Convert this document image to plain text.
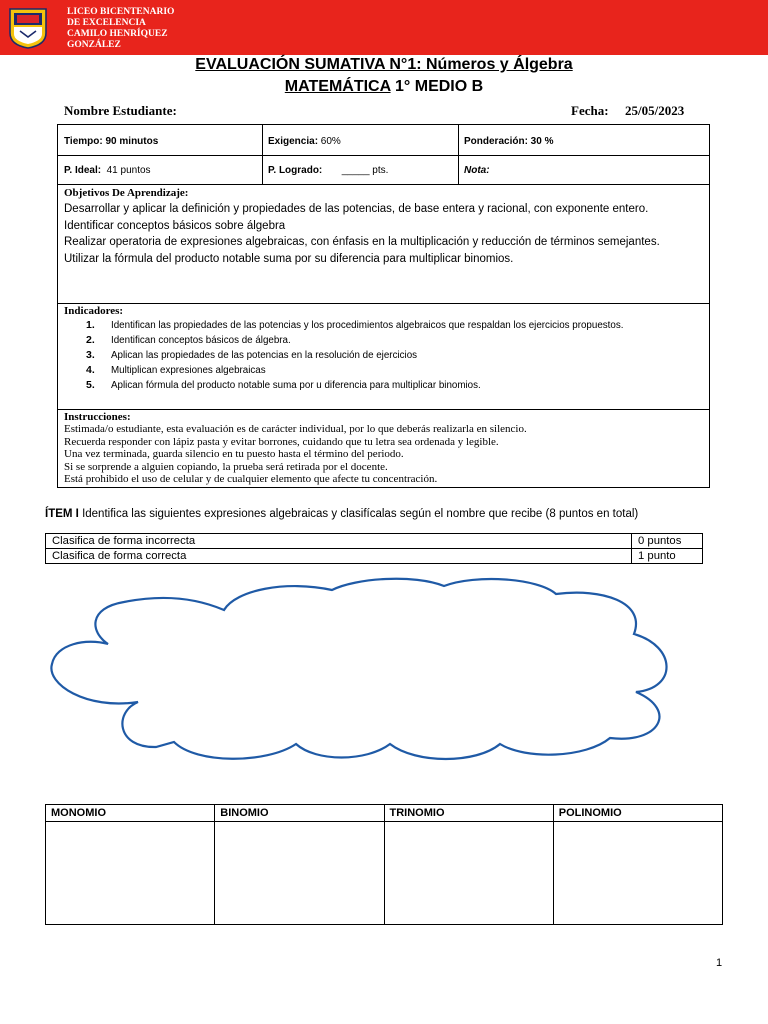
LICEO BICENTENARIO
DE EXCELENCIA
CAMILO HENRÍQUEZ
GONZÁLEZ
EVALUACIÓN SUMATIVA N°1: Números y Álgebra
MATEMÁTICA 1° MEDIO B
Nombre Estudiante:	Fecha: 25/05/2023
Tiempo: 90 minutos	Exigencia: 60%	Ponderación: 30 %
P. Ideal:  41 puntos	P. Logrado:       _____ pts.	Nota:
Objetivos De Aprendizaje:
Desarrollar y aplicar la definición y propiedades de las potencias, de base entera y racional, con exponente entero.
Identificar conceptos básicos sobre álgebra
Realizar operatoria de expresiones algebraicas, con énfasis en la multiplicación y reducción de términos semejantes.
Utilizar la fórmula del producto notable suma por su diferencia para multiplicar binomios.
Indicadores:
1.	Identifican las propiedades de las potencias y los procedimientos algebraicos que respaldan los ejercicios propuestos.
2.	Identifican conceptos básicos de álgebra.
3.	Aplican las propiedades de las potencias en la resolución de ejercicios
4.	Multiplican expresiones algebraicas
5.	Aplican fórmula del producto notable suma por u diferencia para multiplicar binomios.
Instrucciones:
Estimada/o estudiante, esta evaluación es de carácter individual, por lo que deberás realizarla en silencio.
Recuerda responder con lápiz pasta y evitar borrones, cuidando que tu letra sea ordenada y legible.
Una vez terminada, guarda silencio en tu puesto hasta el término del periodo.
Si se sorprende a alguien copiando, la prueba será retirada por el docente.
Está prohibido el uso de celular y de cualquier elemento que afecte tu concentración.
ÍTEM I Identifica las siguientes expresiones algebraicas y clasifícalas según el nombre que recibe (8 puntos en total)
Clasifica de forma incorrecta	0 puntos
Clasifica de forma correcta	1 punto
MONOMIO	BINOMIO	TRINOMIO	POLINOMIO

1
